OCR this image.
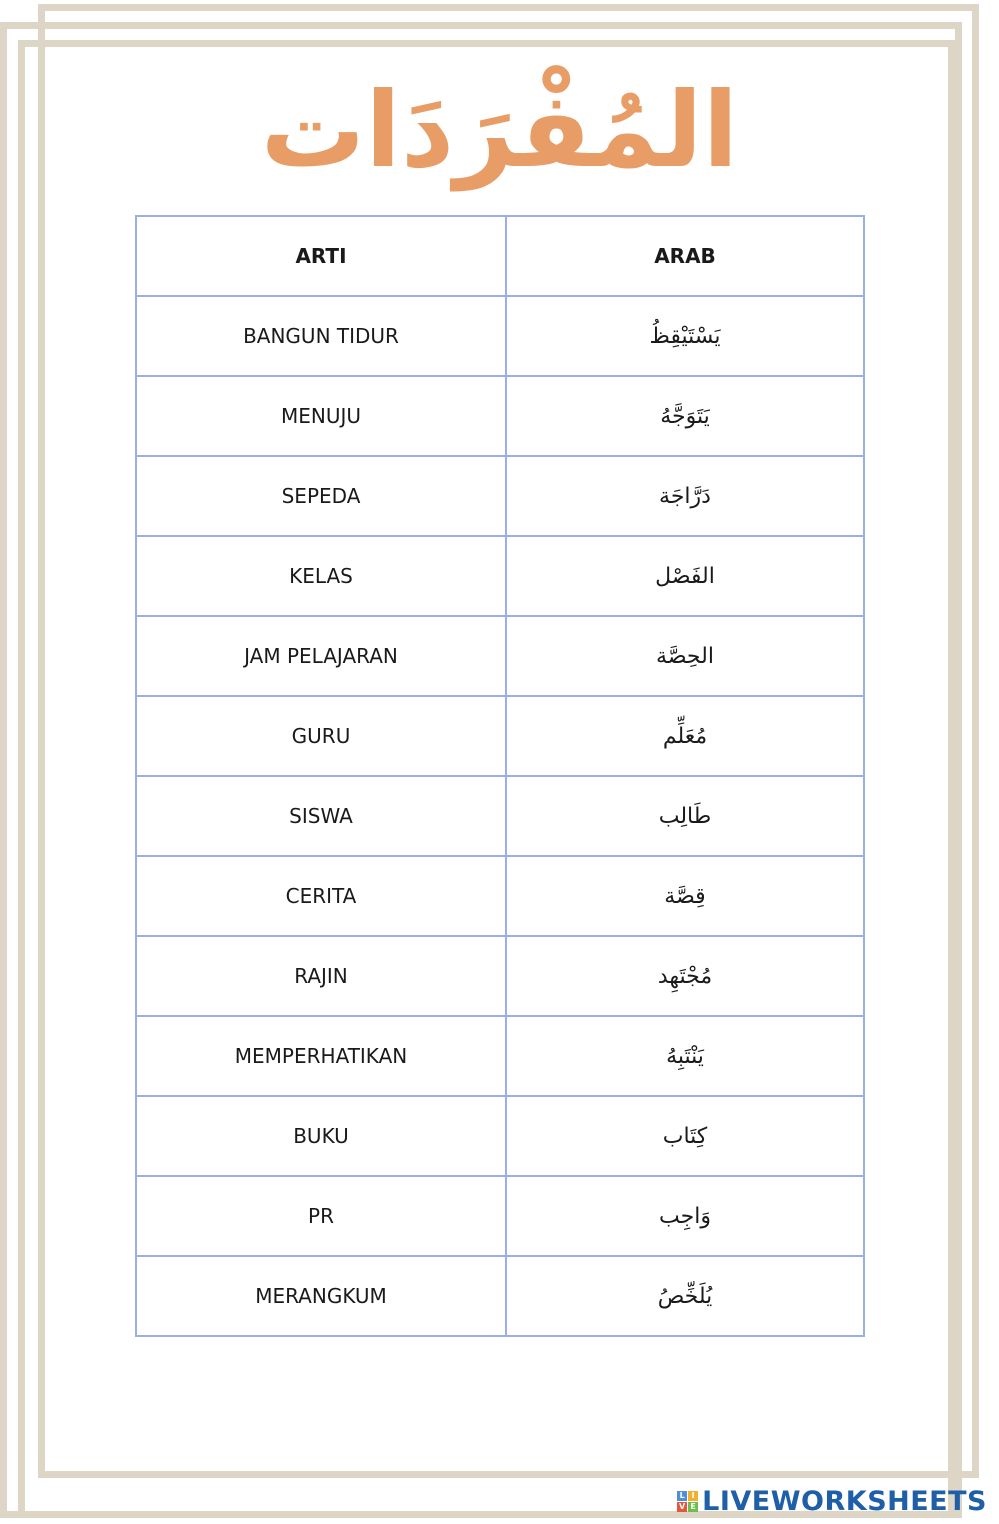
المُفْرَدَات
ARTI	ARAB
BANGUN TIDUR	يَسْتَيْقِظُ
MENUJU	يَتَوَجَّهُ
SEPEDA	دَرَّاجَة
KELAS	الفَصْل
JAM PELAJARAN	الحِصَّة
GURU	مُعَلِّم
SISWA	طَالِب
CERITA	قِصَّة
RAJIN	مُجْتَهِد
MEMPERHATIKAN	يَنْتَبِهُ
BUKU	كِتَاب
PR	وَاجِب
MERANGKUM	يُلَخِّصُ
L I
V E LIVEWORKSHEETS
